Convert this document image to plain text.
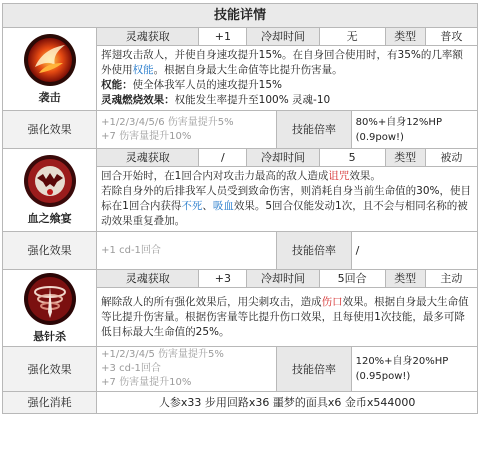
技能详情								

袭击	灵魂获取	+1	冷却时间		无		类型	普攻
	挥翅攻击敌人，并使自身速攻提升15%。在自身回合使用时，有35%的几率额外使用权能。根据自身最大生命值等比提升伤害量。
权能：使全体我军人员的速攻提升15%
灵魂燃烧效果：权能发生率提升至100% 灵魂-10							
强化效果	+1/2/3/4/5/6 伤害量提升5%
+7 伤害量提升10%			技能倍率		80%+自身12%HP (0.9pow!)		

血之飨宴	灵魂获取	/	冷却时间		5		类型	被动
	回合开始时，在1回合内对攻击力最高的敌人造成诅咒效果。
若除自身外的后排我军人员受到致命伤害，则消耗自身当前生命值的30%，使目标在1回合内获得不死、吸血效果。5回合仅能发动1次，且不会与相同名称的被动效果重复叠加。							
强化效果	+1 cd-1回合			技能倍率		/		

悬针杀	灵魂获取	+3	冷却时间		5回合		类型	主动
	解除敌人的所有强化效果后，用尖刺攻击，造成伤口效果。根据自身最大生命值等比提升伤害量。根据伤害量等比提升伤口效果，且每使用1次技能，最多可降低目标最大生命值的25%。							
强化效果	+1/2/3/4/5 伤害量提升5%
+3 cd-1回合
+7 伤害量提升10%			技能倍率		120%+自身20%HP (0.95pow!)		
强化消耗	人参x33 步用回路x36 噩梦的面具x6 金币x544000							
